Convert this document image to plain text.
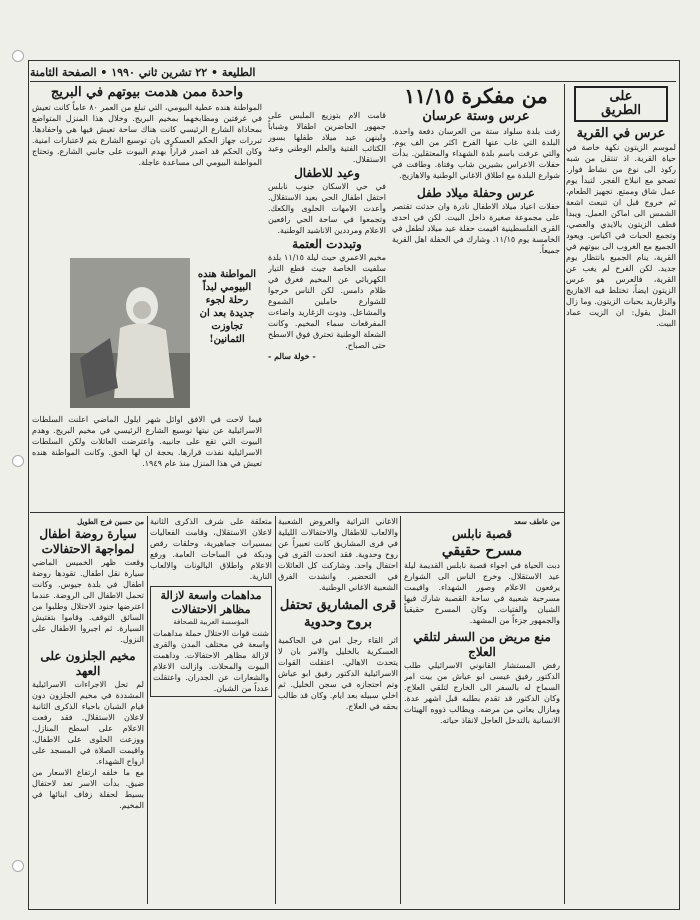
الطليعة • ٢٢ تشرين ثاني ١٩٩٠ • الصفحة الثامنة
على
الطريق
عرس في القرية

لموسم الزيتون نكهة خاصة في حياة القرية. اذ تنتقل من شبه ركود الى نوع من نشاط فوار. تصحو مع انبلاج الفجر. لتبدأ يوم عمل شاق وممتع. تجهيز الطعام، ثم خروج قبل ان تنبعث اشعة الشمس الى اماكن العمل. ويبدأ قطف الزيتون بالايدي والعصي، وتجمع الحبات في اكياس. ويعود الجميع مع الغروب الى بيوتهم في القرية، ينام الجميع بانتظار يوم جديد. لكن الفرح لم يغب عن القرية، فالعرس هو عرس الزيتون ايضاً، تختلط فيه الاهازيج والزغاريد بحبات الزيتون. وما زال المثل يقول: ان الزيت عماد البيت.

من مفكرة ١١/١٥
عرس وستة عرسان

زفت بلدة سلواد ستة من العرسان دفعة واحدة. البلدة التي غاب عنها الفرح اكثر من الف يوم. والتي عرفت باسم بلدة الشهداء والمعتقلين. بدأت حفلات الاعراس بشيرين شاب وفتاة. وطافت في شوارع البلدة مع اطلاق الاغاني الوطنية والاهازيج.

عرس وحفلة ميلاد طفل

حفلات اعياد ميلاد الاطفال نادرة وان حدثت تقتصر على مجموعة صغيرة داخل البيت. لكن في احدى القرى الفلسطينية اقيمت حفلة عيد ميلاد لطفل في الخامسة يوم ١١/١٥. وشارك في الحفلة اهل القرية جميعاً.

قامت الام بتوزيع الملبس على جمهور الحاضرين اطفالا وشباباً ولبنهن عيد ميلاد طفلها بسور الكتائب الفتية والعلم الوطني وعيد الاستقلال.

وعيد للاطفال

في حي الاسكان جنوب نابلس احتفل اطفال الحي بعيد الاستقلال. وأعدت الامهات الحلوى والكعك. وتجمعوا في ساحة الحي رافعين الاعلام ومرددين الاناشيد الوطنية.

وتبددت العتمة

مخيم الاعمري حيث ليلة ١١/١٥ بلدة سلفيت الخاصة جيث قطع التيار الكهربائي عن المخيم فغرق في ظلام دامس. لكن الناس خرجوا للشوارع حاملين الشموع والمشاعل. ودوت الزغاريد واضاءت المفرقعات سماء المخيم. وكانت الشعلة الوطنية تحترق فوق الاسطح حتى الصباح.

- خولة سالم -
واحدة ممن هدمت بيوتهم في البريج

المواطنة هنده عطية البيومي، التي تبلغ من العمر ٨٠ عاماً كانت تعيش في غرفتين ومطابخهما بمخيم البريج. وخلال هذا المنزل المتواضع بمحاذاة الشارع الرئيسي كانت هناك ساحة تعيش فيها هي واحفادها. تبررات جهاز الحكم العسكري بان توسيع الشارع يتم لاعتبارات امنية. وكان الحكم قد اصدر قراراً بهدم البيوت على جانبي الشارع. وتحتاج المواطنة البيومي الى مساعدة عاجلة.

المواطنة هنده البيومي لبداً رحلة لجوء جديدة بعد ان تجاوزت الثمانين!

فيما لاحت في الافق اوائل شهر ايلول الماضي اعلنت السلطات الاسرائيلية عن نيتها توسيع الشارع الرئيسي في مخيم البريج. وهدم البيوت التي تقع على جانبيه. واعترضت العائلات ولكن السلطات الاسرائيلية نفذت قرارها. بحجة ان لها الحق. وكانت المواطنة هنده تعيش في هذا المنزل منذ عام ١٩٤٩.

من عاطف سعد
قصبة نابلس
مسرح حقيقي

دبت الحياة في اجواء قصبة نابلس القديمة ليلة عيد الاستقلال. وخرج الناس الى الشوارع يرفعون الاعلام وصور الشهداء. واقيمت مسرحية شعبية في ساحة القصبة شارك فيها الشبان والفتيات. وكان المسرح حقيقياً والجمهور جزءاً من المشهد.

منع مريض من السفر لتلقي العلاج

رفض المستشار القانوني الاسرائيلي طلب الدكتور رفيق عيسى ابو عياش من بيت امر السماح له بالسفر الى الخارج لتلقي العلاج. وكان الدكتور قد تقدم بطلبه قبل اشهر عدة. ومازال يعاني من مرضه. ويطالب ذووه الهيئات الانسانية بالتدخل العاجل لانقاذ حياته.

الاغاني التراثية والعروض الشعبية والالعاب للاطفال والاحتفالات الليلية في قرى المشاريق كانت تعبيراً عن روح وحدوية. فقد اتحدت القرى في احتفال واحد. وشاركت كل العائلات في التحضير. وانشدت الفرق الشعبية الاغاني الوطنية.

قرى المشاريق تحتفل بروح وحدوية

اثر القاء رجل امن في الحاكمية العسكرية بالخليل والامر بان لا يتحدث الاهالي. اعتقلت القوات الاسرائيلية الدكتور رفيق ابو عياش وتم احتجازه في سجن الخليل. ثم اخلي سبيله بعد ايام. وكان قد طالب بحقه في العلاج.

متعلقة على شرف الذكرى الثانية لاعلان الاستقلال، وقامت الفعاليات بمسيرات جماهيرية، وحلقات رقص ودبكة في الساحات العامة. ورفع الاعلام واطلاق البالونات والالعاب النارية.

مداهمات واسعة لازالة مظاهر الاحتفالات
المؤسسة العربية للصحافة

شنت قوات الاحتلال حملة مداهمات واسعة في مختلف المدن والقرى لازالة مظاهر الاحتفالات. وداهمت البيوت والمحلات. وازالت الاعلام والشعارات عن الجدران. واعتقلت عدداً من الشبان.

من حسين فرج الطويل
سيارة روضة اطفال لمواجهة الاحتفالات

وقعت ظهر الخميس الماضي سيارة نقل اطفال. تقودها روضة اطفال في بلدة جيوس. وكانت تحمل الاطفال الى الروضة. عندما اعترضها جنود الاحتلال وطلبوا من السائق التوقف. وقاموا بتفتيش السيارة. ثم اجبروا الاطفال على النزول.

مخيم الجلزون على العهد

لم تحل الاجراءات الاسرائيلية المشددة في مخيم الجلزون دون قيام الشبان باحياء الذكرى الثانية لاعلان الاستقلال. فقد رفعت الاعلام على اسطح المنازل. ووزعت الحلوى على الاطفال. واقيمت الصلاة في المسجد على ارواح الشهداء.

مع ما خلفه ارتفاع الاسعار من ضيق. بدأت الاسر تعد لاحتفال بسيط لحفلة زفاف ابنائها في المخيم.
